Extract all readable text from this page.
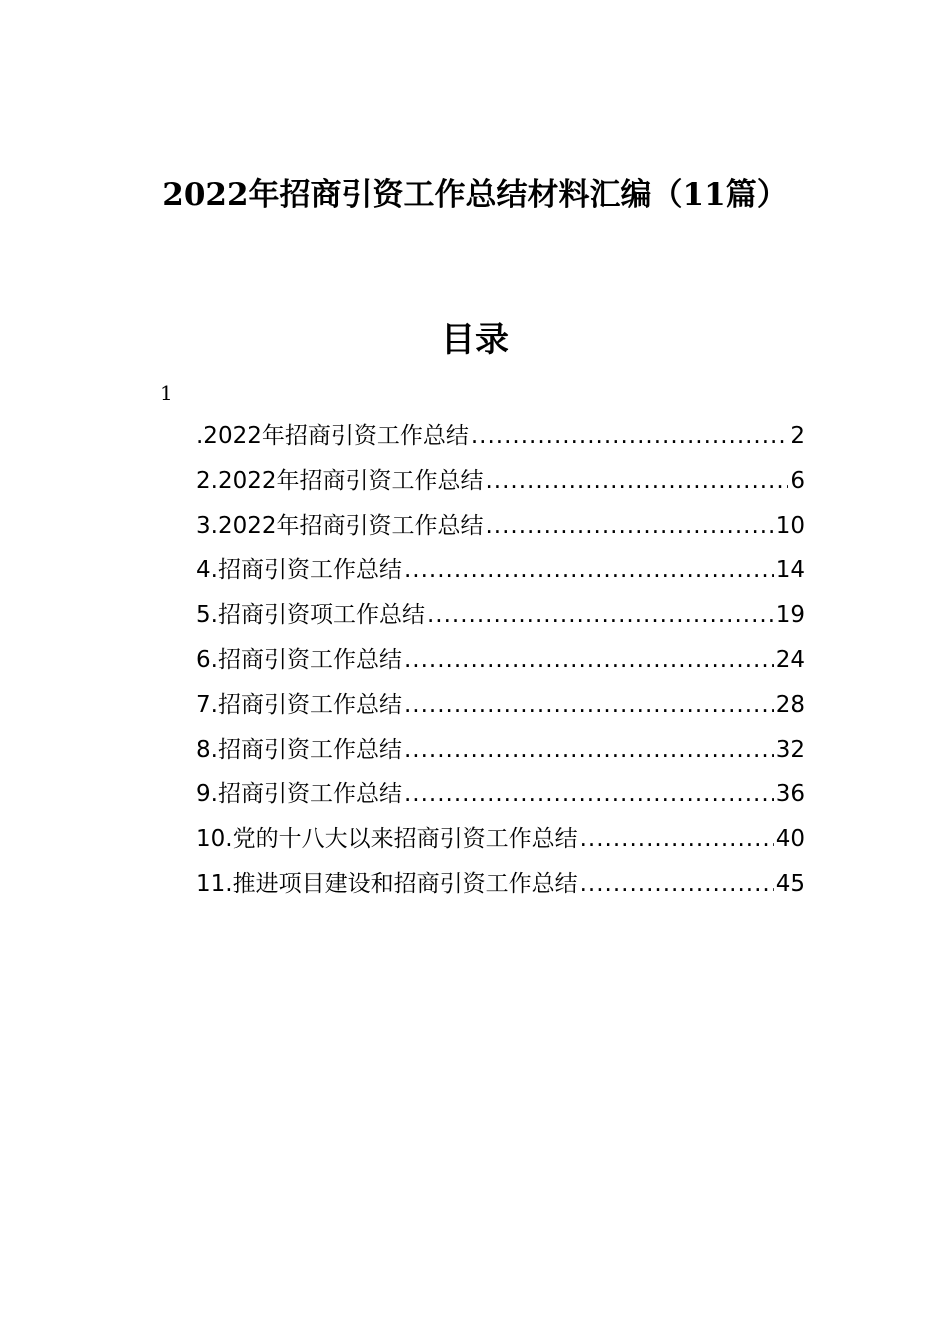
2022年招商引资工作总结材料汇编（11篇）
目录
1
.2022年招商引资工作总结 .....	2
2.2022年招商引资工作总结 .....	6
3.2022年招商引资工作总结 .....	10
4.招商引资工作总结 .....	14
5.招商引资项工作总结 .....	19
6.招商引资工作总结 .....	24
7.招商引资工作总结 .....	28
8.招商引资工作总结 .....	32
9.招商引资工作总结 .....	36
10.党的十八大以来招商引资工作总结 .....	40
11.推进项目建设和招商引资工作总结 .....	45
